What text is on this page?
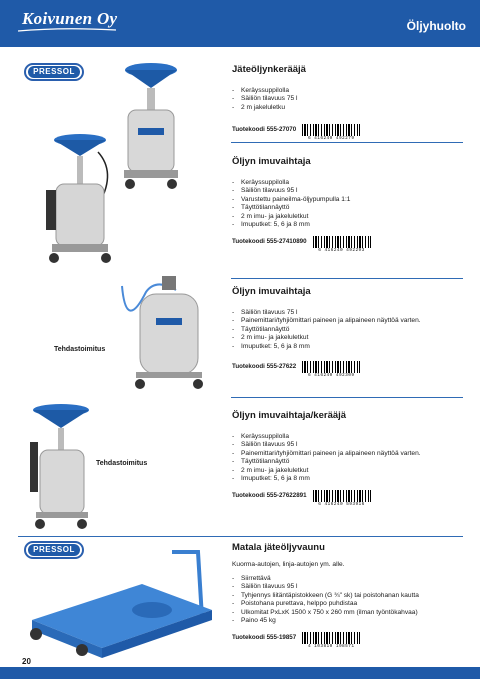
Koivunen Oy	Öljyhuolto
PRESSOL	Jäteöljynkerääjä
- Keräyssuppilolla
- Säiliön tilavuus 75 l
- 2 m jakeluletku
Tuotekoodi 555-27070
6 416240 492279
Öljyn imuvaihtaja
- Keräyssuppilolla
- Säiliön tilavuus 95 l
- Varustettu paineilma-öljypumpulla 1:1
- Täyttötilannäyttö
- 2 m imu- ja jakeluletkut
- Imuputket: 5, 6 ja 8 mm
Tuotekoodi 555-27410890
6 416240 492293
Tehdastoimitus
Öljyn imuvaihtaja
- Säiliön tilavuus 75 l
- Painemittari/tyhjiömittari paineen ja alipaineen näyttöä varten.
- Täyttötilannäyttö
- 2 m imu- ja jakeluletkut
- Imuputket: 5, 6 ja 8 mm
Tuotekoodi 555-27622
6 416240 492309
Tehdastoimitus
Öljyn imuvaihtaja/kerääjä
- Keräyssuppilolla
- Säiliön tilavuus 95 l
- Painemittari/tyhjiömittari paineen ja alipaineen näyttöä varten.
- Täyttötilannäyttö
- 2 m imu- ja jakeluletkut
- Imuputket: 5, 6 ja 8 mm
Tuotekoodi 555-27622891
6 416240 593916
PRESSOL	Matala jäteöljyvaunu
Kuorma-autojen, linja-autojen ym. alle.
- Siirrettävä
- Säiliön tilavuus 95 l
- Tyhjennys liitäntäpistokkeen (G ¾" sk) tai poistohanan kautta
- Poistohana purettava, helppo puhdistaa
- Ulkomitat PxLxK 1500 x 750 x 260 mm (ilman työntökahvaa)
- Paino 45 kg
Tuotekoodi 555-19857
4 103810 198571
20
